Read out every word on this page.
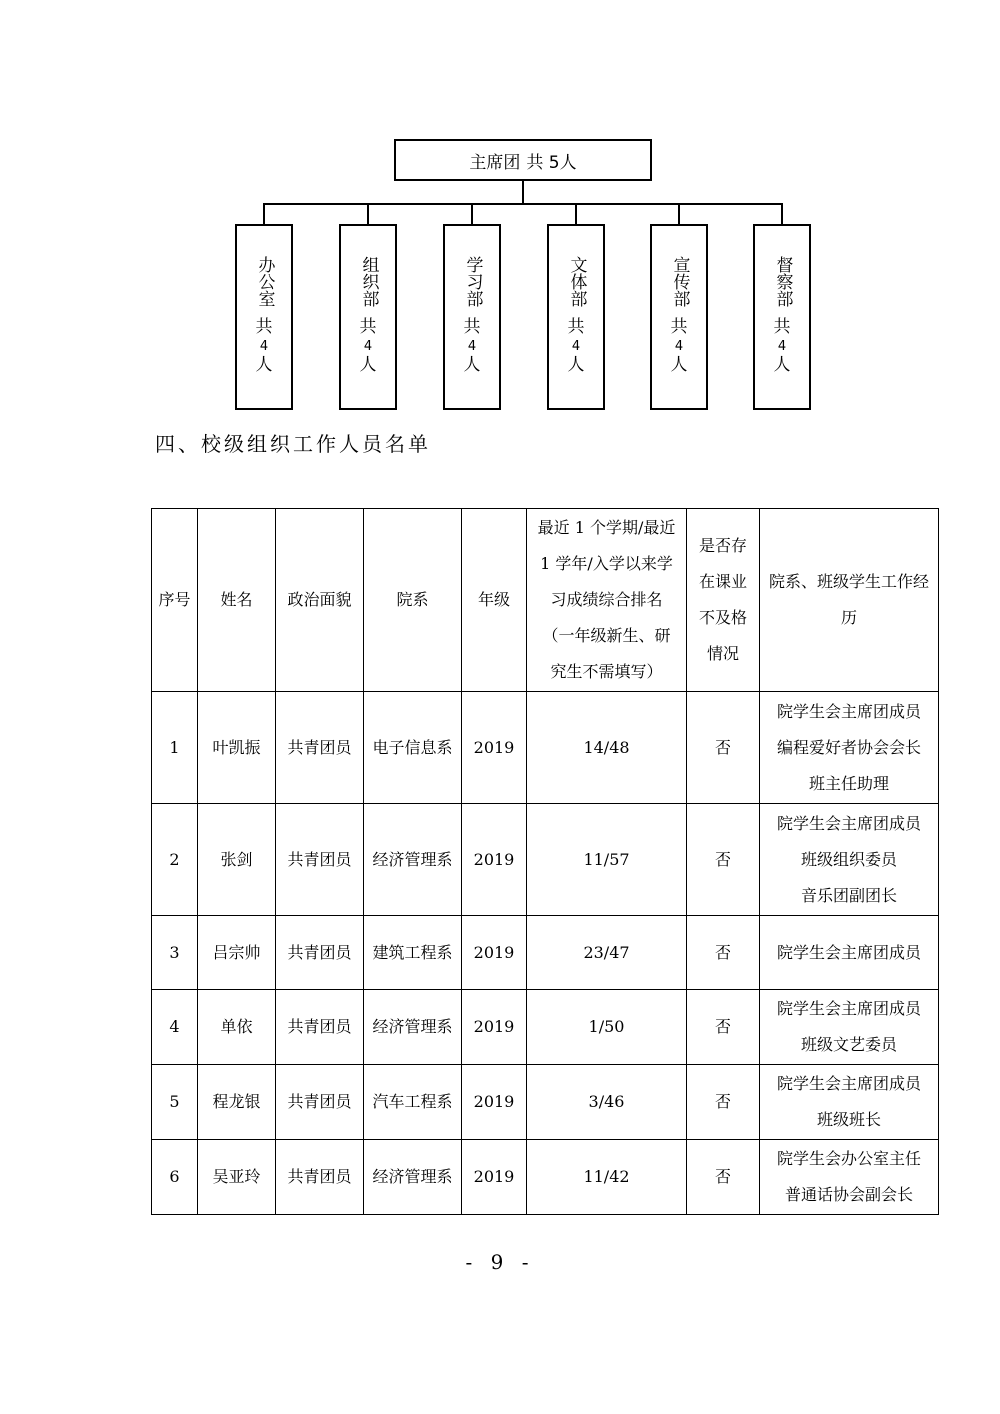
主席团 共 5人
办公室
共
4
人
组织部
共
4
人
学习部
共
4
人
文体部
共
4
人
宣传部
共
4
人
督察部
共
4
人
四、校级组织工作人员名单
序号	姓名	政治面貌	院系	年级	最近 1 个学期/最近
1 学年/入学以来学
习成绩综合排名
（一年级新生、研
究生不需填写）	是否存
在课业
不及格
情况	院系、班级学生工作经
历

1	叶凯振	共青团员	电子信息系	2019	14/48	否	院学生会主席团成员
编程爱好者协会会长
班主任助理

2	张剑	共青团员	经济管理系	2019	11/57	否	院学生会主席团成员
班级组织委员
音乐团副团长

3	吕宗帅	共青团员	建筑工程系	2019	23/47	否	院学生会主席团成员

4	单依	共青团员	经济管理系	2019	1/50	否	院学生会主席团成员
班级文艺委员

5	程龙银	共青团员	汽车工程系	2019	3/46	否	院学生会主席团成员
班级班长

6	吴亚玲	共青团员	经济管理系	2019	11/42	否	院学生会办公室主任
普通话协会副会长
- 9 -
